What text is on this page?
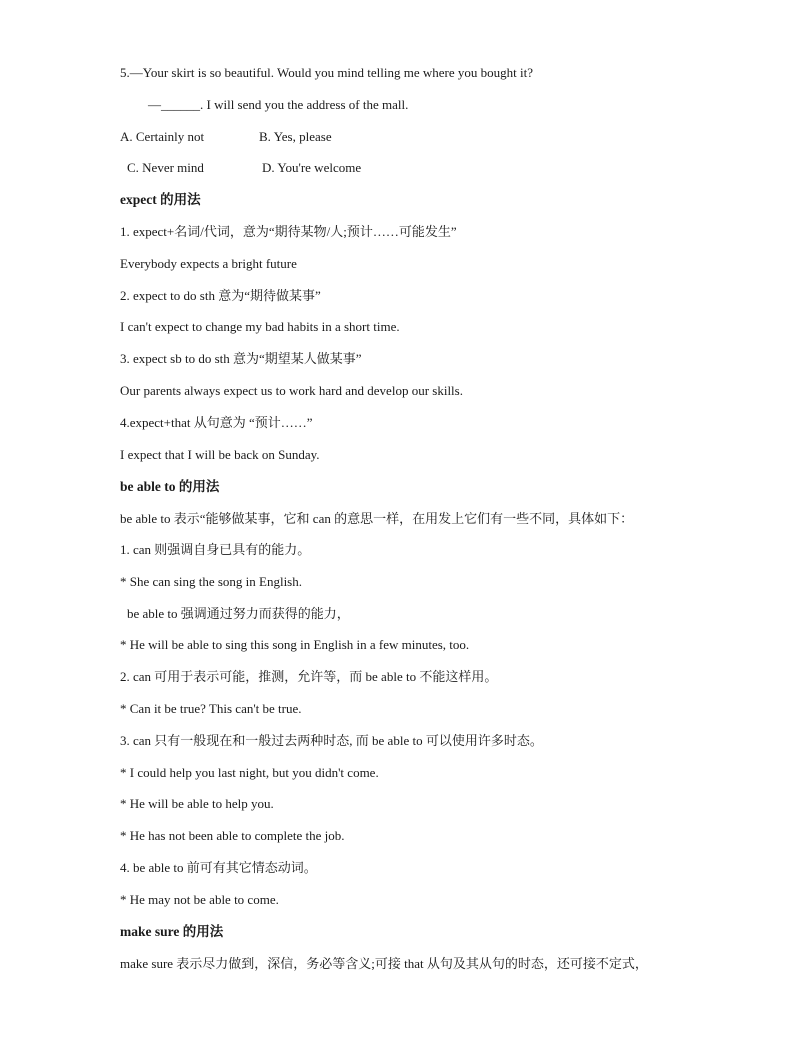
5.—Your skirt is so beautiful. Would you mind telling me where you bought it?
—______. I will send you the address of the mall.
A. Certainly not	B. Yes, please
C. Never mind	D. You're welcome
expect 的用法
1. expect+名词/代词，意为“期待某物/人;预计……可能发生”
Everybody expects a bright future
2. expect to do sth 意为“期待做某事”
I can't expect to change my bad habits in a short time.
3. expect sb to do sth 意为“期望某人做某事”
Our parents always expect us to work hard and develop our skills.
4.expect+that 从句意为 “预计……”
I expect that I will be back on Sunday.
be able to 的用法
be able to 表示“能够做某事，它和 can 的意思一样，在用发上它们有一些不同，具体如下：
1. can 则强调自身已具有的能力。
* She can sing the song in English.
be able to 强调通过努力而获得的能力，
* He will be able to sing this song in English in a few minutes, too.
2. can 可用于表示可能，推测，允许等，而 be able to 不能这样用。
* Can it be true? This can't be true.
3. can 只有一般现在和一般过去两种时态, 而 be able to 可以使用许多时态。
* I could help you last night, but you didn't come.
* He will be able to help you.
* He has not been able to complete the job.
4. be able to 前可有其它情态动词。
* He may not be able to come.
make sure 的用法
make sure 表示尽力做到，深信，务必等含义;可接 that 从句及其从句的时态，还可接不定式，
